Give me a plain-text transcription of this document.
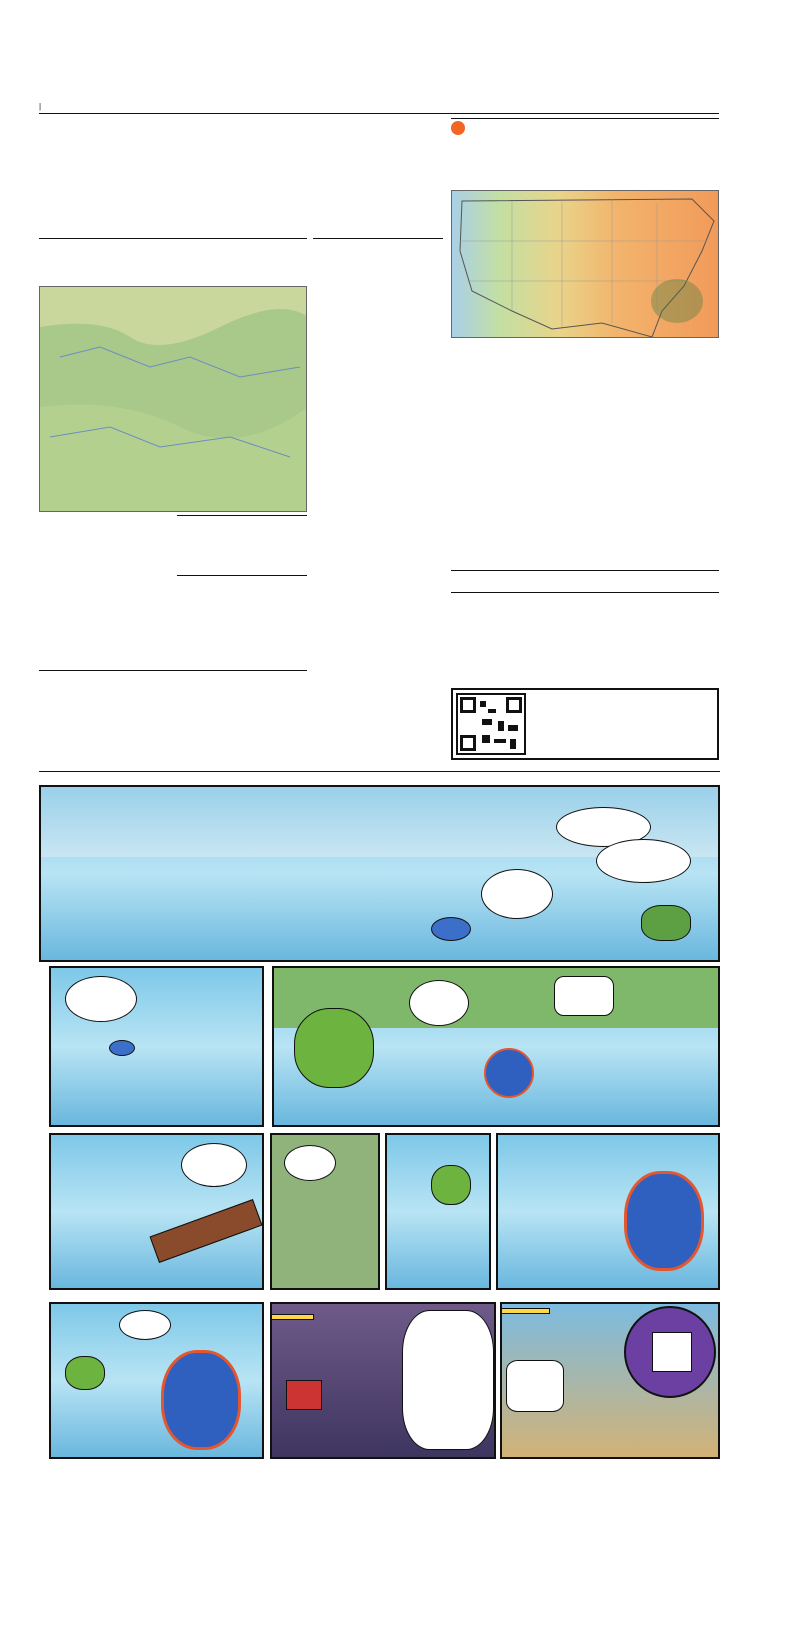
|
